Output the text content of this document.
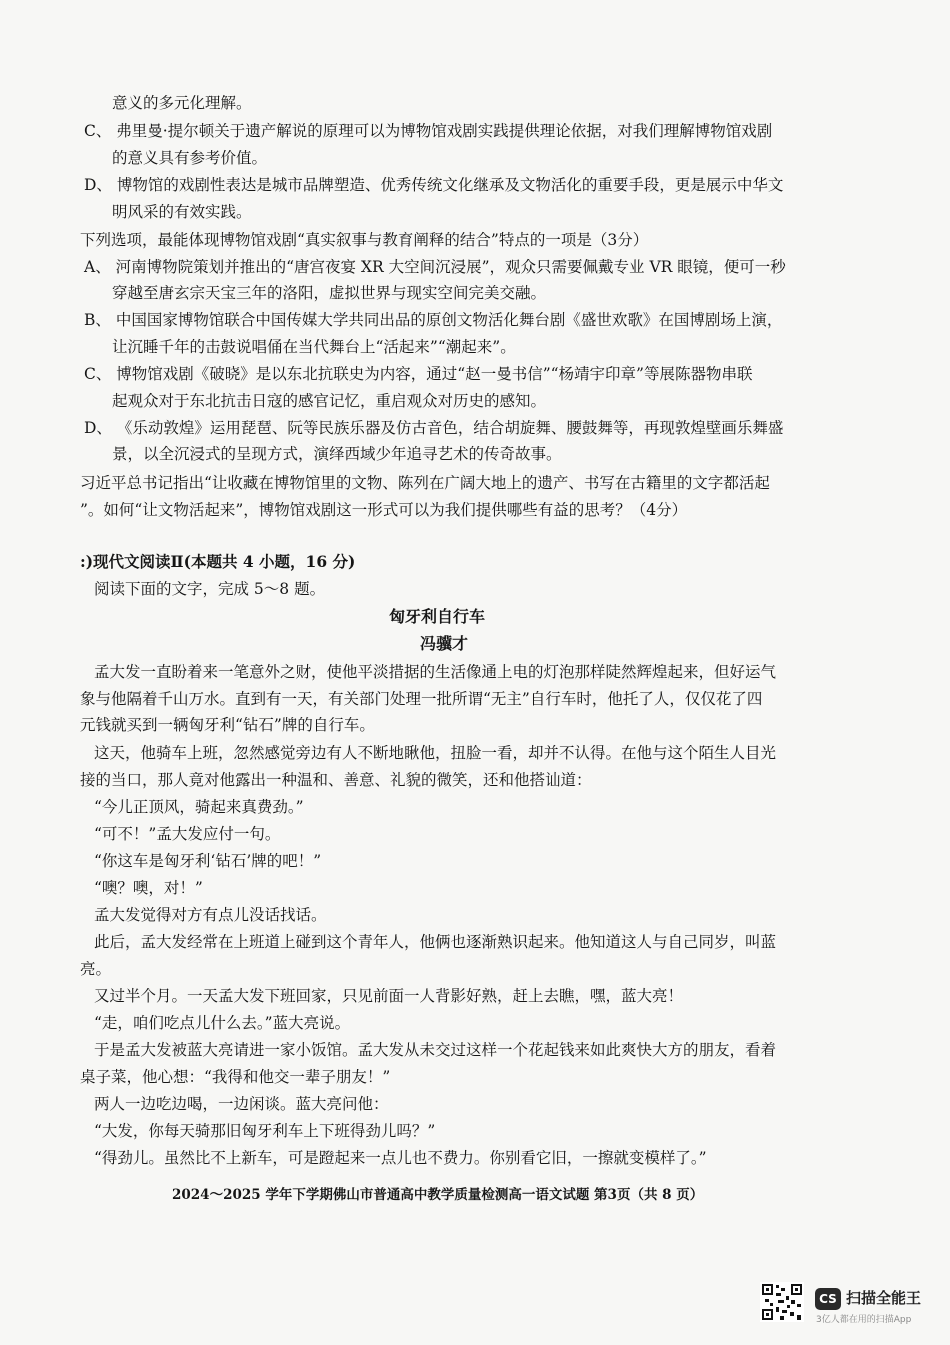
意义的多元化理解。
C、 弗里曼·提尔顿关于遗产解说的原理可以为博物馆戏剧实践提供理论依据，对我们理解博物馆戏剧
的意义具有参考价值。
D、 博物馆的戏剧性表达是城市品牌塑造、优秀传统文化继承及文物活化的重要手段，更是展示中华文
明风采的有效实践。
下列选项，最能体现博物馆戏剧“真实叙事与教育阐释的结合”特点的一项是（3分）
A、 河南博物院策划并推出的“唐宫夜宴 XR 大空间沉浸展”，观众只需要佩戴专业 VR 眼镜，便可一秒
穿越至唐玄宗天宝三年的洛阳，虚拟世界与现实空间完美交融。
B、 中国国家博物馆联合中国传媒大学共同出品的原创文物活化舞台剧《盛世欢歌》在国博剧场上演，
让沉睡千年的击鼓说唱俑在当代舞台上“活起来”“潮起来”。
C、 博物馆戏剧《破晓》是以东北抗联史为内容，通过“赵一曼书信”“杨靖宇印章”等展陈器物串联
起观众对于东北抗击日寇的感官记忆，重启观众对历史的感知。
D、 《乐动敦煌》运用琵琶、阮等民族乐器及仿古音色，结合胡旋舞、腰鼓舞等，再现敦煌壁画乐舞盛
景，以全沉浸式的呈现方式，演绎西域少年追寻艺术的传奇故事。
习近平总书记指出“让收藏在博物馆里的文物、陈列在广阔大地上的遗产、书写在古籍里的文字都活起
”。如何“让文物活起来”，博物馆戏剧这一形式可以为我们提供哪些有益的思考？（4分）
:)现代文阅读Ⅱ(本题共 4 小题，16 分)
阅读下面的文字，完成 5～8 题。
匈牙利自行车
冯骥才
孟大发一直盼着来一笔意外之财，使他平淡措据的生活像通上电的灯泡那样陡然辉煌起来，但好运气
象与他隔着千山万水。直到有一天，有关部门处理一批所谓“无主”自行车时，他托了人，仅仅花了四
元钱就买到一辆匈牙利“钻石”牌的自行车。
这天，他骑车上班，忽然感觉旁边有人不断地瞅他，扭脸一看，却并不认得。在他与这个陌生人目光
接的当口，那人竟对他露出一种温和、善意、礼貌的微笑，还和他搭讪道：
“今儿正顶风，骑起来真费劲。”
“可不！”孟大发应付一句。
“你这车是匈牙利‘钻石’牌的吧！”
“噢？噢，对！”
孟大发觉得对方有点儿没话找话。
此后，孟大发经常在上班道上碰到这个青年人，他俩也逐渐熟识起来。他知道这人与自己同岁，叫蓝
亮。
又过半个月。一天孟大发下班回家，只见前面一人背影好熟，赶上去瞧，嘿，蓝大亮！
“走，咱们吃点儿什么去。”蓝大亮说。
于是孟大发被蓝大亮请进一家小饭馆。孟大发从未交过这样一个花起钱来如此爽快大方的朋友，看着
桌子菜，他心想：“我得和他交一辈子朋友！”
两人一边吃边喝，一边闲谈。蓝大亮问他：
“大发，你每天骑那旧匈牙利车上下班得劲儿吗？”
“得劲儿。虽然比不上新车，可是蹬起来一点儿也不费力。你别看它旧，一擦就变模样了。”
2024～2025 学年下学期佛山市普通高中教学质量检测高一语文试题 第3页（共 8 页）
CS 扫描全能王
3亿人都在用的扫描App
